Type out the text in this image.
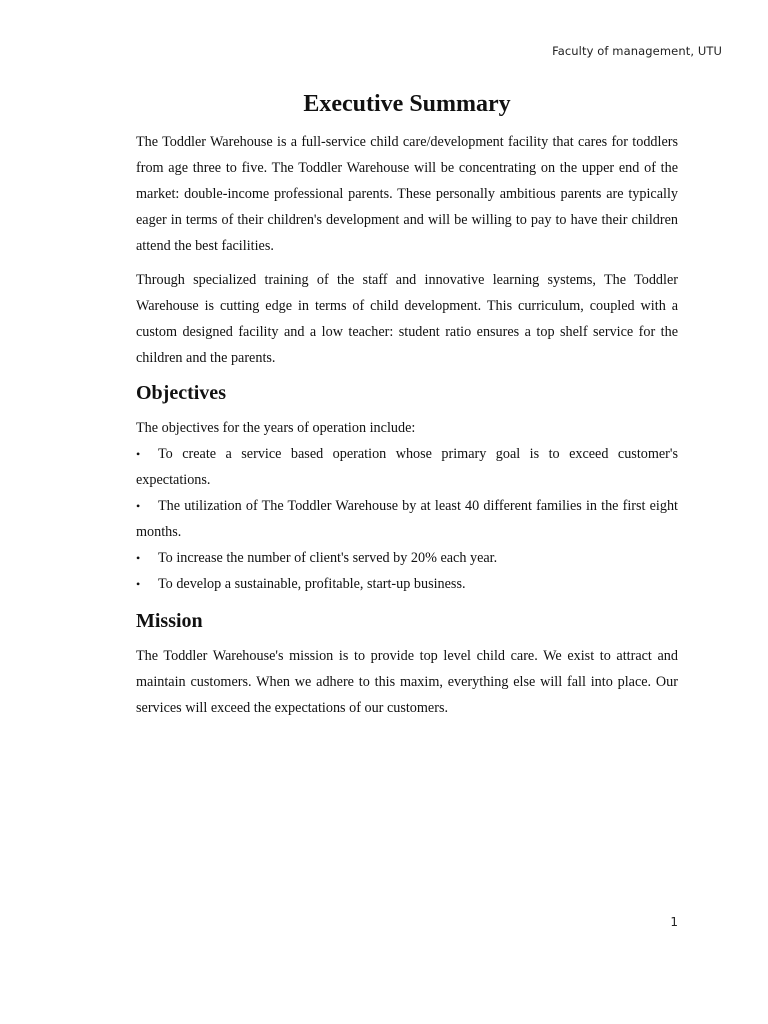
Faculty of management, UTU
Executive Summary

The Toddler Warehouse is a full-service child care/development facility that cares for toddlers from age three to five. The Toddler Warehouse will be concentrating on the upper end of the market: double-income professional parents. These personally ambitious parents are typically eager in terms of their children's development and will be willing to pay to have their children attend the best facilities.

Through specialized training of the staff and innovative learning systems, The Toddler Warehouse is cutting edge in terms of child development. This curriculum, coupled with a custom designed facility and a low teacher: student ratio ensures a top shelf service for the children and the parents.

Objectives

The objectives for the years of operation include:

• To create a service based operation whose primary goal is to exceed customer's expectations.
• The utilization of The Toddler Warehouse by at least 40 different families in the first eight months.
• To increase the number of client's served by 20% each year.
• To develop a sustainable, profitable, start-up business.
Mission

The Toddler Warehouse's mission is to provide top level child care. We exist to attract and maintain customers. When we adhere to this maxim, everything else will fall into place. Our services will exceed the expectations of our customers.

1
